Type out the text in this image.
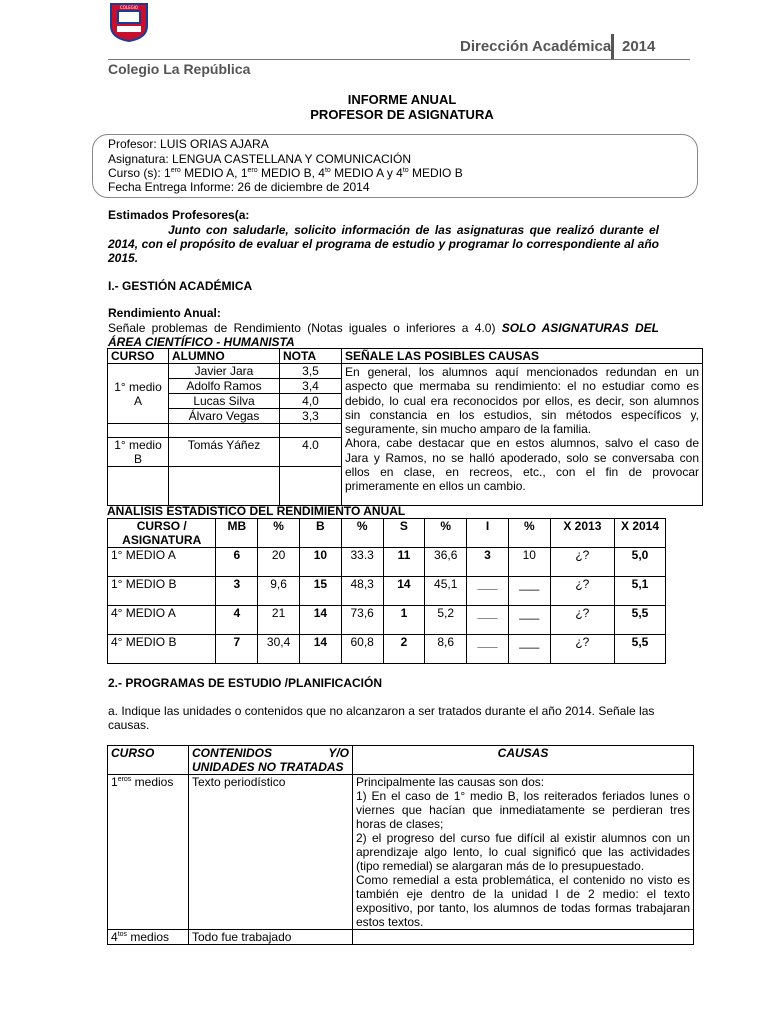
COLEGIO
Dirección Académica 2014
Colegio La República
INFORME ANUAL
PROFESOR DE ASIGNATURA
Profesor: LUIS ORIAS AJARA
Asignatura: LENGUA CASTELLANA Y COMUNICACIÓN
Curso (s): $1^{ero}$ MEDIO A, $1^{ero}$ MEDIO B, $4^{to}$ MEDIO A y $4^{to}$ MEDIO B
Fecha Entrega Informe: 26 de diciembre de 2014
Estimados Profesores(a:
Junto con saludarle, solicito información de las asignaturas que realizó durante el 2014, con el propósito de evaluar el programa de estudio y programar lo correspondiente al año 2015.
I.- GESTIÓN ACADÉMICA
Rendimiento Anual:
Señale problemas de Rendimiento (Notas iguales o inferiores a 4.0) SOLO ASIGNATURAS DEL ÁREA CIENTÍFICO - HUMANISTA
CURSO	ALUMNO	NOTA	SEÑALE LAS POSIBLES CAUSAS
1° medio A	Javier Jara	3,5	En general, los alumnos aquí mencionados redundan en un aspecto que mermaba su rendimiento: el no estudiar como es debido, lo cual era reconocidos por ellos, es decir, son alumnos sin constancia en los estudios, sin métodos específicos y, seguramente, sin mucho amparo de la familia.
Ahora, cabe destacar que en estos alumnos, salvo el caso de Jara y Ramos, no se halló apoderado, solo se conversaba con ellos en clase, en recreos, etc., con el fin de provocar primeramente en ellos un cambio.
	Adolfo Ramos	3,4	
	Lucas Silva	4,0	
	Álvaro Vegas	3,3	

1° medio B	Tomás Yáñez	4.0	

ANALISIS ESTADISTICO DEL RENDIMIENTO ANUAL
CURSO / ASIGNATURA	MB	%	B	%	S	%	I	%	X 2013	X 2014
1° MEDIO A	6	20	10	33.3	11	36,6	3	10	¿?	5,0
1° MEDIO B	3	9,6	15	48,3	14	45,1	___	___	¿?	5,1
4° MEDIO A	4	21	14	73,6	1	5,2	___	___	¿?	5,5
4° MEDIO B	7	30,4	14	60,8	2	8,6	___	___	¿?	5,5
2.- PROGRAMAS DE ESTUDIO /PLANIFICACIÓN
a. Indique las unidades o contenidos que no alcanzaron a ser tratados durante el año 2014. Señale las causas.
CURSO	CONTENIDOS Y/O UNIDADES NO TRATADAS	CAUSAS
$1^{eros}$ medios	Texto periodístico	Principalmente las causas son dos:
1) En el caso de 1° medio B, los reiterados feriados lunes o viernes que hacían que inmediatamente se perdieran tres horas de clases;
2) el progreso del curso fue difícil al existir alumnos con un aprendizaje algo lento, lo cual significó que las actividades (tipo remedial) se alargaran más de lo presupuestado.
Como remedial a esta problemática, el contenido no visto es también eje dentro de la unidad I de 2 medio: el texto expositivo, por tanto, los alumnos de todas formas trabajaran estos textos.
$4^{tos}$ medios	Todo fue trabajado	
